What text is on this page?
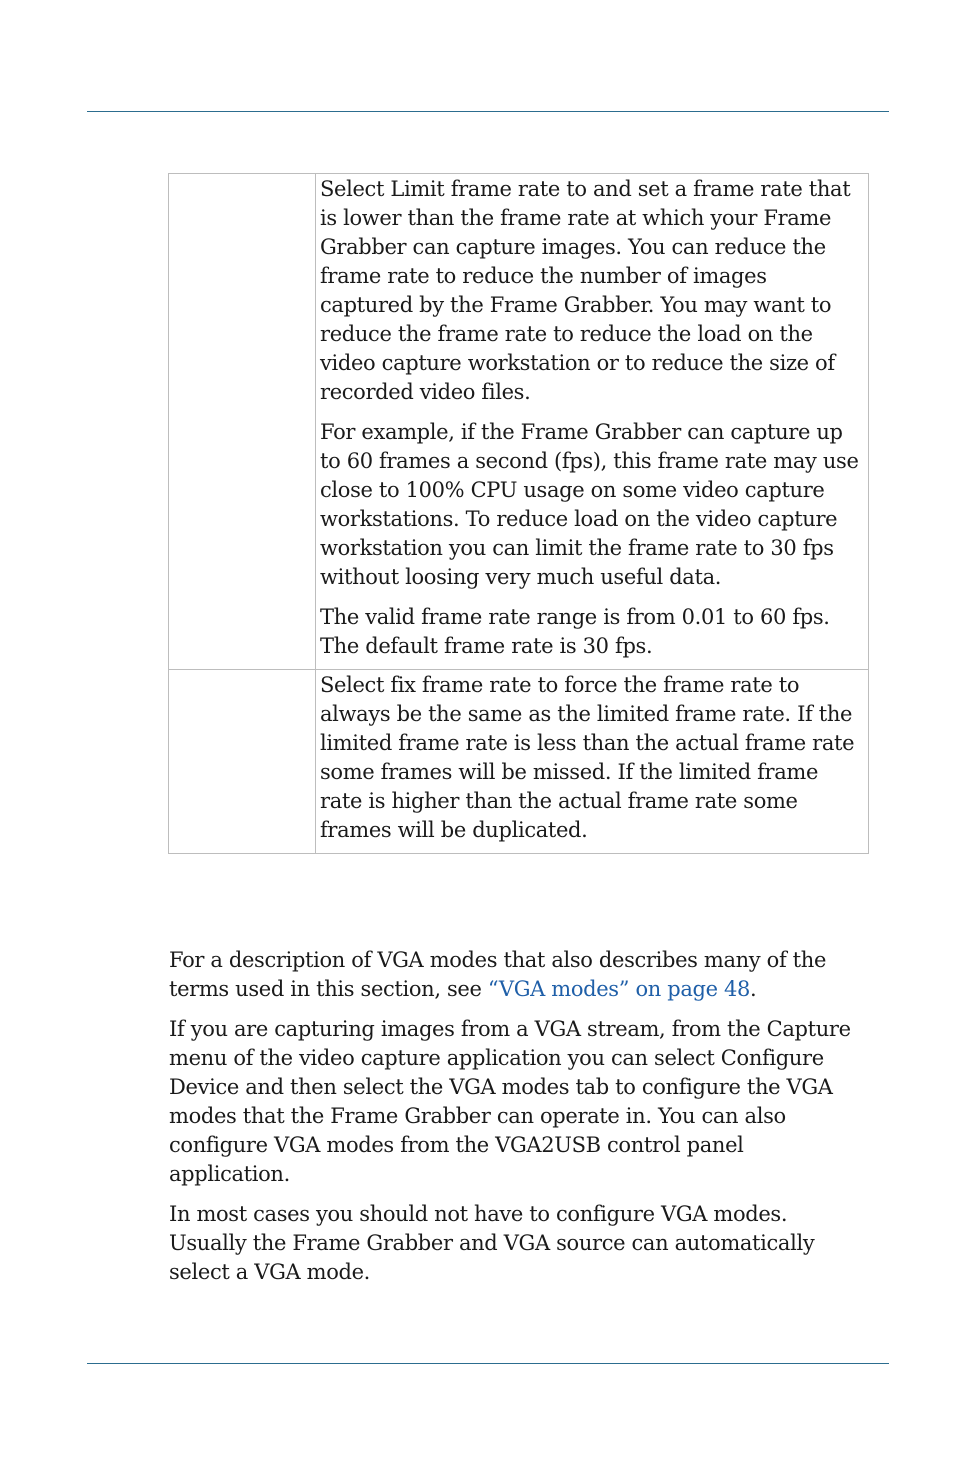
	Select Limit frame rate to and set a frame rate that is lower than the frame rate at which your Frame Grabber can capture images. You can reduce the frame rate to reduce the number of images captured by the Frame Grabber. You may want to reduce the frame rate to reduce the load on the video capture workstation or to reduce the size of recorded video files.

For example, if the Frame Grabber can capture up to 60 frames a second (fps), this frame rate may use close to 100% CPU usage on some video capture workstations. To reduce load on the video capture workstation you can limit the frame rate to 30 fps without loosing very much useful data.

The valid frame rate range is from 0.01 to 60 fps. The default frame rate is 30 fps.

	Select fix frame rate to force the frame rate to always be the same as the limited frame rate. If the limited frame rate is less than the actual frame rate some frames will be missed. If the limited frame rate is higher than the actual frame rate some frames will be duplicated.

For a description of VGA modes that also describes many of the terms used in this section, see “VGA modes” on page 48.

If you are capturing images from a VGA stream, from the Capture menu of the video capture application you can select Configure Device and then select the VGA modes tab to configure the VGA modes that the Frame Grabber can operate in. You can also configure VGA modes from the VGA2USB control panel application.

In most cases you should not have to configure VGA modes. Usually the Frame Grabber and VGA source can automatically select a VGA mode.
